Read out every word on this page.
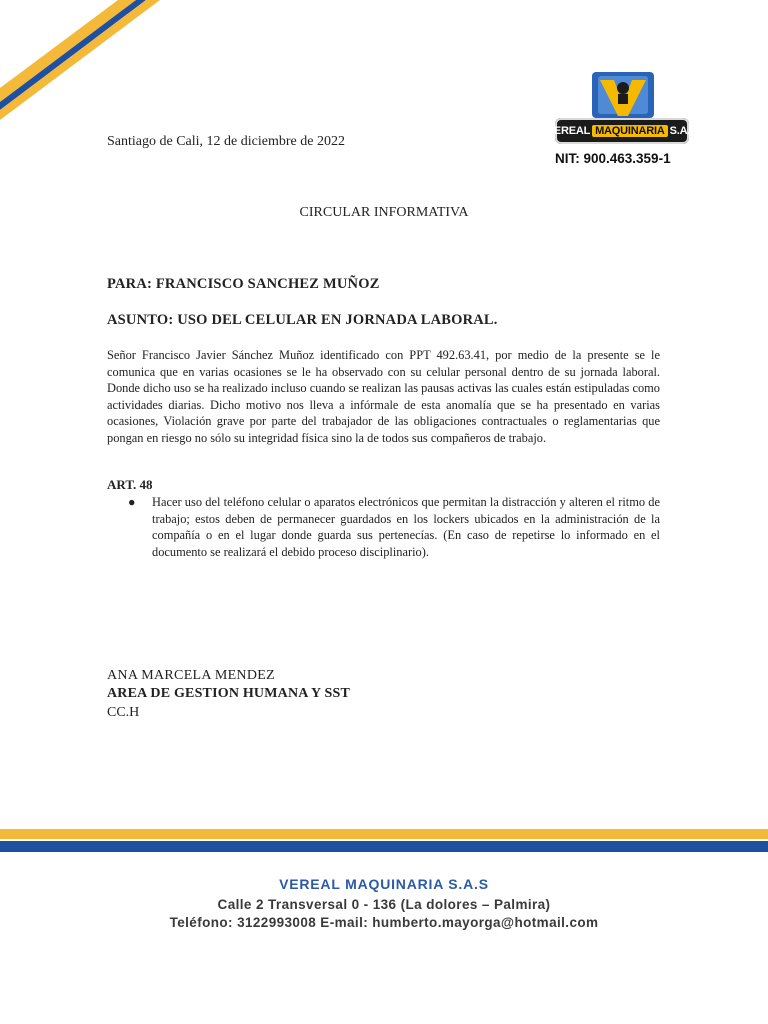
VEREAL MAQUINARIA S.A.S
NIT: 900.463.359-1
Santiago de Cali, 12 de diciembre de 2022
CIRCULAR INFORMATIVA
PARA: FRANCISCO SANCHEZ MUÑOZ
ASUNTO: USO DEL CELULAR EN JORNADA LABORAL.

Señor Francisco Javier Sánchez Muñoz identificado con PPT 492.63.41, por medio de la presente se le comunica que en varias ocasiones se le ha observado con su celular personal dentro de su jornada laboral. Donde dicho uso se ha realizado incluso cuando se realizan las pausas activas las cuales están estipuladas como actividades diarias. Dicho motivo nos lleva a infórmale de esta anomalía que se ha presentado en varias ocasiones, Violación grave por parte del trabajador de las obligaciones contractuales o reglamentarias que pongan en riesgo no sólo su integridad física sino la de todos sus compañeros de trabajo.

ART. 48
● Hacer uso del teléfono celular o aparatos electrónicos que permitan la distracción y alteren el ritmo de trabajo; estos deben de permanecer guardados en los lockers ubicados en la administración de la compañía o en el lugar donde guarda sus pertenecías. (En caso de repetirse lo informado en el documento se realizará el debido proceso disciplinario).
ANA MARCELA MENDEZ
AREA DE GESTION HUMANA Y SST
CC.H
VEREAL MAQUINARIA S.A.S
Calle 2 Transversal 0 - 136 (La dolores – Palmira)
Teléfono: 3122993008 E-mail: humberto.mayorga@hotmail.com
